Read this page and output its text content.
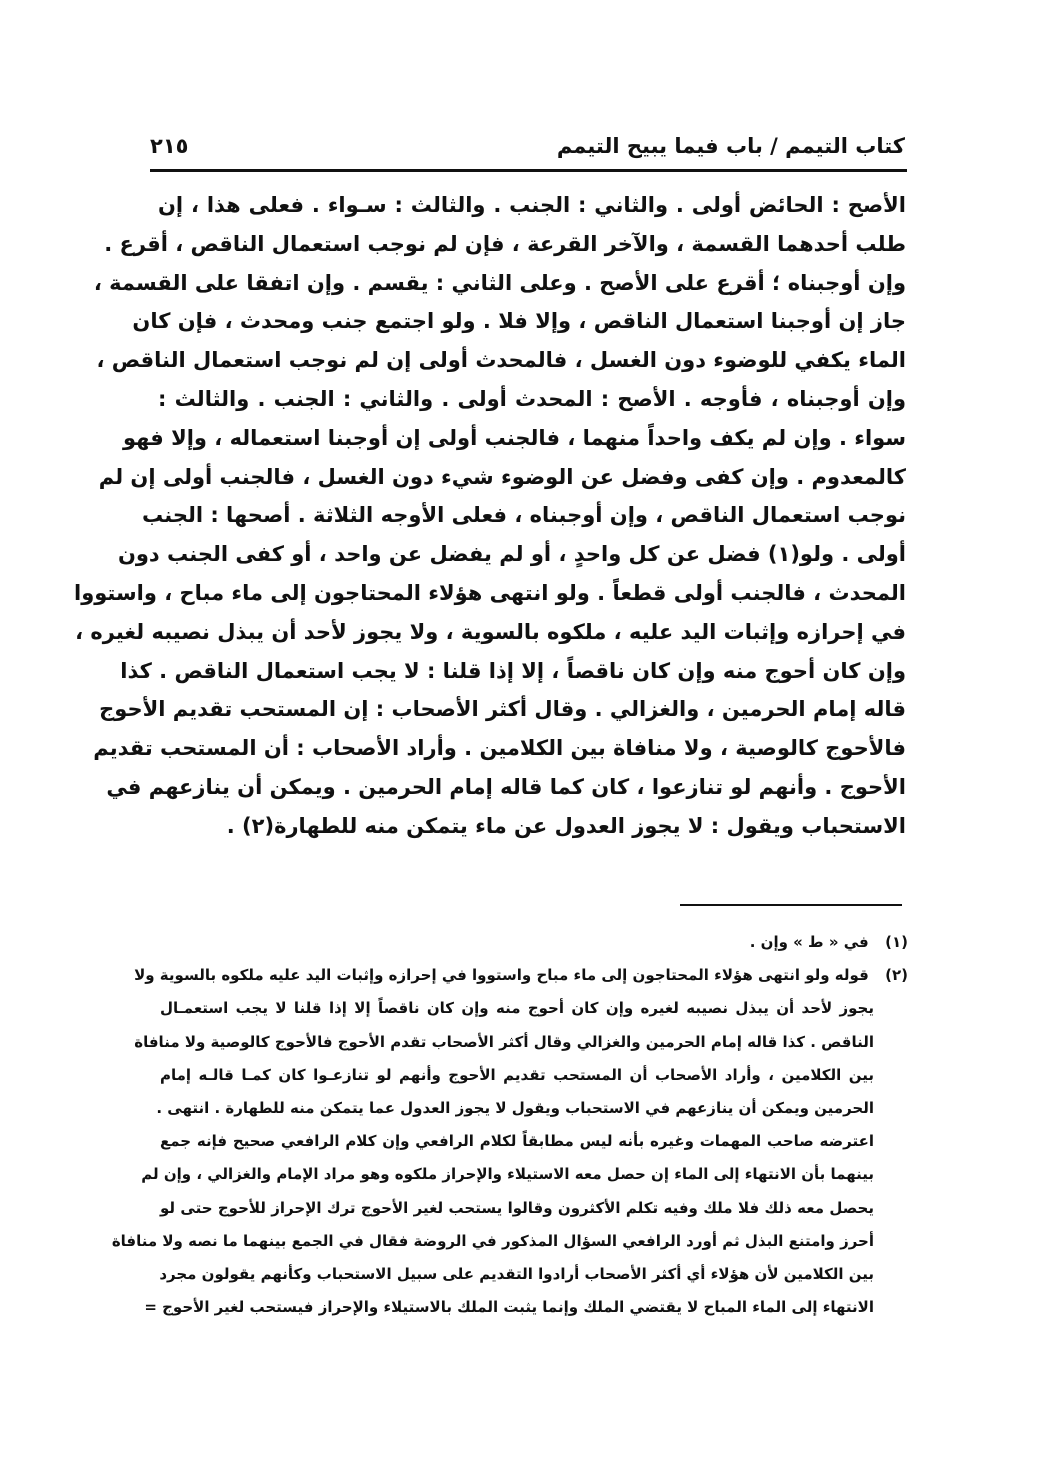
كتاب التيمم / باب فيما يبيح التيمم
٢١٥
الأصح : الحائض أولى . والثاني : الجنب . والثالث : سـواء . فعلى هذا ، إن
طلب أحدهما القسمة ، والآخر القرعة ، فإن لم نوجب استعمال الناقص ، أقرع .
وإن أوجبناه ؛ أقرع على الأصح . وعلى الثاني : يقسم . وإن اتفقا على القسمة ،
جاز إن أوجبنا استعمال الناقص ، وإلا فلا . ولو اجتمع جنب ومحدث ، فإن كان
الماء يكفي للوضوء دون الغسل ، فالمحدث أولى إن لم نوجب استعمال الناقص ،
وإن أوجبناه ، فأوجه . الأصح : المحدث أولى . والثاني : الجنب . والثالث :
سواء . وإن لم يكف واحداً منهما ، فالجنب أولى إن أوجبنا استعماله ، وإلا فهو
كالمعدوم . وإن كفى وفضل عن الوضوء شيء دون الغسل ، فالجنب أولى إن لم
نوجب استعمال الناقص ، وإن أوجبناه ، فعلى الأوجه الثلاثة . أصحها : الجنب
أولى . ولو(١) فضل عن كل واحدٍ ، أو لم يفضل عن واحد ، أو كفى الجنب دون
المحدث ، فالجنب أولى قطعاً . ولو انتهى هؤلاء المحتاجون إلى ماء مباح ، واستووا
في إحرازه وإثبات اليد عليه ، ملكوه بالسوية ، ولا يجوز لأحد أن يبذل نصيبه لغيره ،
وإن كان أحوج منه وإن كان ناقصاً ، إلا إذا قلنا : لا يجب استعمال الناقص . كذا
قاله إمام الحرمين ، والغزالي . وقال أكثر الأصحاب : إن المستحب تقديم الأحوج
فالأحوج كالوصية ، ولا منافاة بين الكلامين . وأراد الأصحاب : أن المستحب تقديم
الأحوج . وأنهم لو تنازعوا ، كان كما قاله إمام الحرمين . ويمكن أن ينازعهم في
الاستحباب ويقول : لا يجوز العدول عن ماء يتمكن منه للطهارة(٢) .
(١) في « ط » وإن .
(٢) قوله ولو انتهى هؤلاء المحتاجون إلى ماء مباح واستووا في إحرازه وإثبات اليد عليه ملكوه بالسوية ولا
يجوز لأحد أن يبذل نصيبه لغيره وإن كان أحوج منه وإن كان ناقصاً إلا إذا قلنا لا يجب استعمـال
الناقص . كذا قاله إمام الحرمين والغزالي وقال أكثر الأصحاب تقدم الأحوج فالأحوج كالوصية ولا منافاة
بين الكلامين ، وأراد الأصحاب أن المستحب تقديم الأحوج وأنهم لو تنازعـوا كان كمـا قالـه إمام
الحرمين ويمكن أن ينازعهم في الاستحباب ويقول لا يجوز العدول عما يتمكن منه للطهارة . انتهى .
اعترضه صاحب المهمات وغيره بأنه ليس مطابقاً لكلام الرافعي وإن كلام الرافعي صحيح فإنه جمع
بينهما بأن الانتهاء إلى الماء إن حصل معه الاستيلاء والإحراز ملكوه وهو مراد الإمام والغزالي ، وإن لم
يحصل معه ذلك فلا ملك وفيه تكلم الأكثرون وقالوا يستحب لغير الأحوج ترك الإحراز للأحوج حتى لو
أحرز وامتنع البذل ثم أورد الرافعي السؤال المذكور في الروضة فقال في الجمع بينهما ما نصه ولا منافاة
بين الكلامين لأن هؤلاء أي أكثر الأصحاب أرادوا التقديم على سبيل الاستحباب وكأنهم يقولون مجرد
الانتهاء إلى الماء المباح لا يقتضي الملك وإنما يثبت الملك بالاستيلاء والإحراز فيستحب لغير الأحوج =
